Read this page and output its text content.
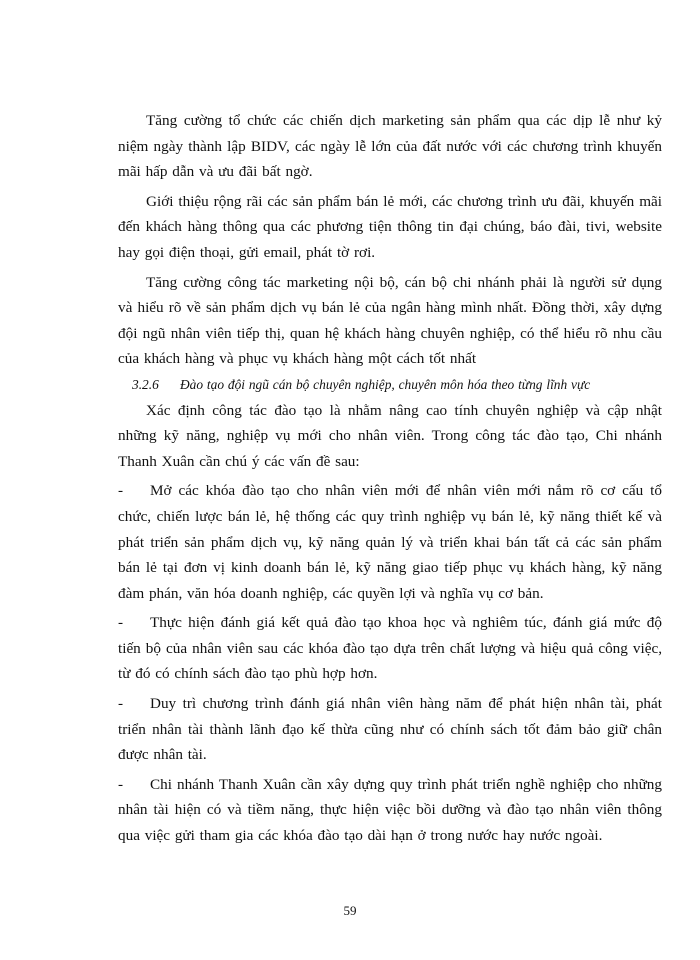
Tăng cường tổ chức các chiến dịch marketing sản phẩm qua các dịp lễ như kỷ niệm ngày thành lập BIDV, các ngày lễ lớn của đất nước với các chương trình khuyến mãi hấp dẫn và ưu đãi bất ngờ.

Giới thiệu rộng rãi các sản phẩm bán lẻ mới, các chương trình ưu đãi, khuyến mãi đến khách hàng thông qua các phương tiện thông tin đại chúng, báo đài, tivi, website hay gọi điện thoại, gửi email, phát tờ rơi.

Tăng cường công tác marketing nội bộ, cán bộ chi nhánh phải là người sử dụng và hiểu rõ về sản phẩm dịch vụ bán lẻ của ngân hàng mình nhất. Đồng thời, xây dựng đội ngũ nhân viên tiếp thị, quan hệ khách hàng chuyên nghiệp, có thể hiểu rõ nhu cầu của khách hàng và phục vụ khách hàng một cách tốt nhất

3.2.6 Đào tạo đội ngũ cán bộ chuyên nghiệp, chuyên môn hóa theo từng lĩnh vực

Xác định công tác đào tạo là nhằm nâng cao tính chuyên nghiệp và cập nhật những kỹ năng, nghiệp vụ mới cho nhân viên. Trong công tác đào tạo, Chi nhánh Thanh Xuân cần chú ý các vấn đề sau:

- Mở các khóa đào tạo cho nhân viên mới để nhân viên mới nắm rõ cơ cấu tổ chức, chiến lược bán lẻ, hệ thống các quy trình nghiệp vụ bán lẻ, kỹ năng thiết kế và phát triển sản phẩm dịch vụ, kỹ năng quản lý và triển khai bán tất cả các sản phẩm bán lẻ tại đơn vị kinh doanh bán lẻ, kỹ năng giao tiếp phục vụ khách hàng, kỹ năng đàm phán, văn hóa doanh nghiệp, các quyền lợi và nghĩa vụ cơ bản.

- Thực hiện đánh giá kết quả đào tạo khoa học và nghiêm túc, đánh giá mức độ tiến bộ của nhân viên sau các khóa đào tạo dựa trên chất lượng và hiệu quả công việc, từ đó có chính sách đào tạo phù hợp hơn.

- Duy trì chương trình đánh giá nhân viên hàng năm để phát hiện nhân tài, phát triển nhân tài thành lãnh đạo kế thừa cũng như có chính sách tốt đảm bảo giữ chân được nhân tài.

- Chi nhánh Thanh Xuân cần xây dựng quy trình phát triển nghề nghiệp cho những nhân tài hiện có và tiềm năng, thực hiện việc bồi dưỡng và đào tạo nhân viên thông qua việc gửi tham gia các khóa đào tạo dài hạn ở trong nước hay nước ngoài.

59
